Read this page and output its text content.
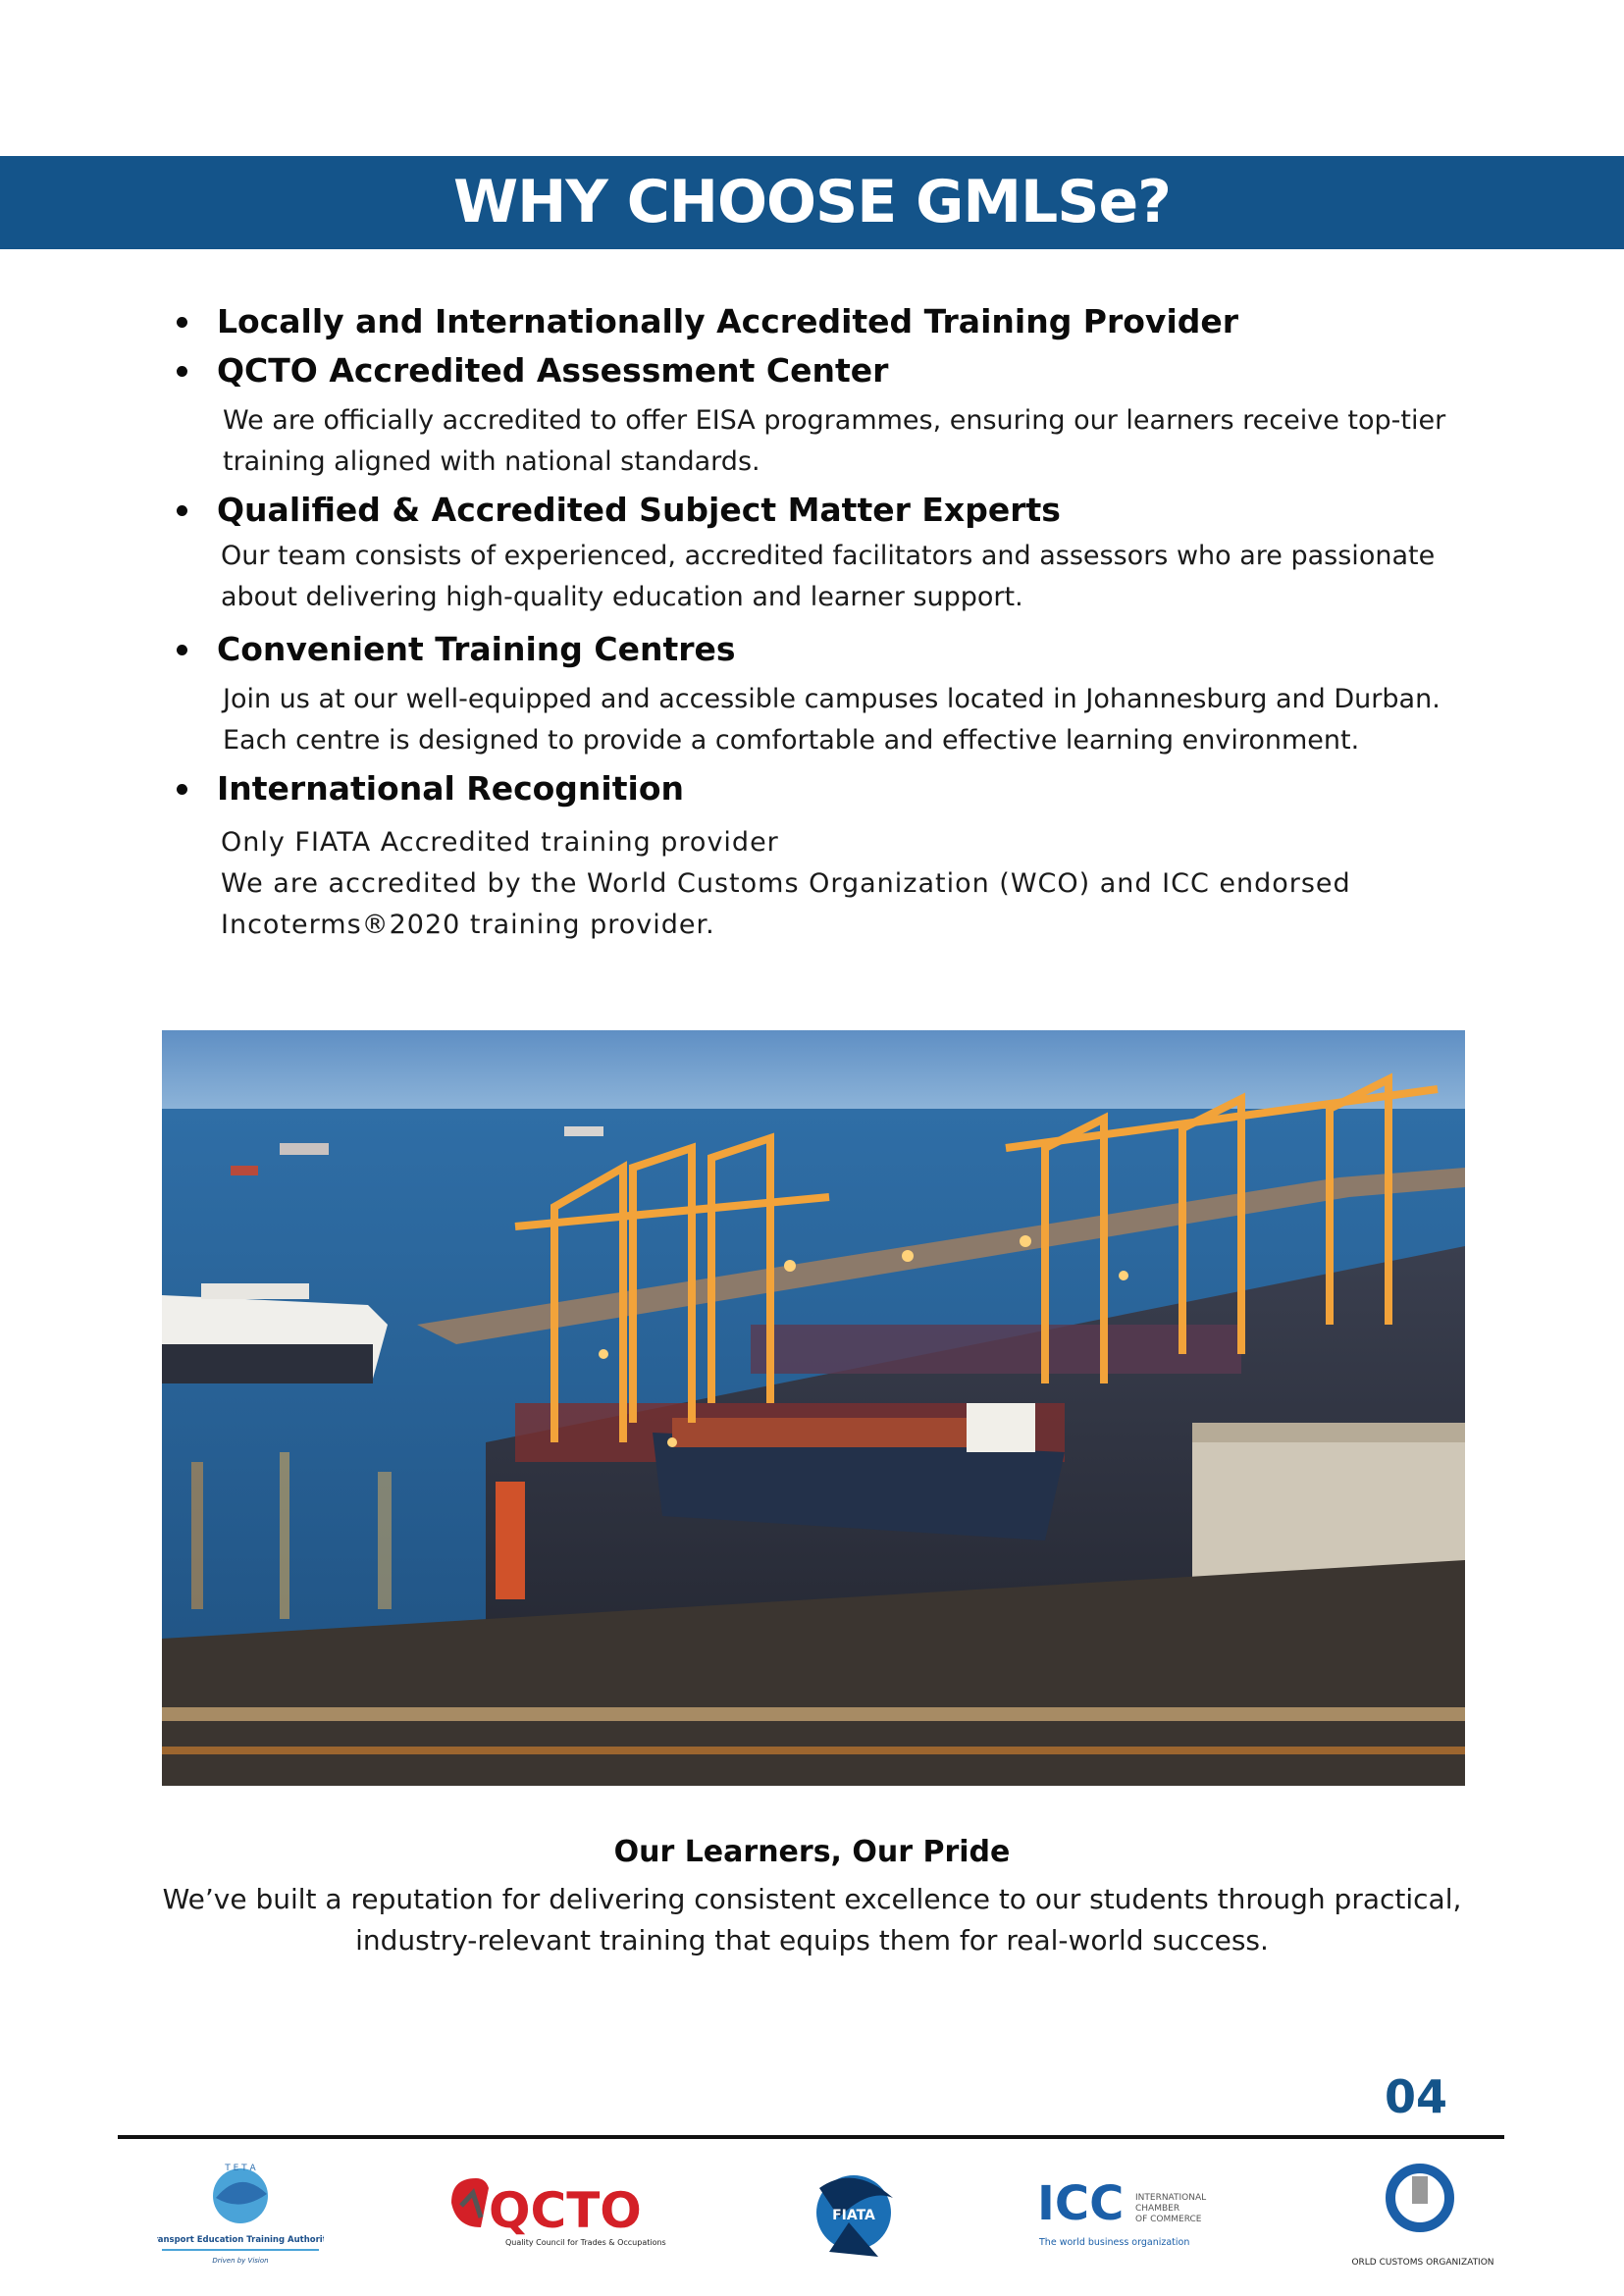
WHY CHOOSE GMLSe?
Locally and Internationally Accredited Training Provider
QCTO Accredited Assessment Center
We are officially accredited to offer EISA programmes, ensuring our learners receive top-tier
training aligned with national standards.
Qualified & Accredited Subject Matter Experts
Our team consists of experienced, accredited facilitators and assessors who are passionate
about delivering high-quality education and learner support.
Convenient Training Centres
Join us at our well-equipped and accessible campuses located in Johannesburg and Durban.
Each centre is designed to provide a comfortable and effective learning environment.
International Recognition
Only FIATA Accredited training provider
We are accredited by the World Customs Organization (WCO) and ICC endorsed
Incoterms®2020 training provider.
Our Learners, Our Pride
We’ve built a reputation for delivering consistent excellence to our students through practical,
industry-relevant training that equips them for real-world success.
04
T E T A
Transport Education Training Authority
Driven by Vision
QCTO
Quality Council for Trades & Occupations
FIATA	ICC INTERNATIONAL
CHAMBER
OF COMMERCE
The world business organization
ORLD CUSTOMS ORGANIZATION
